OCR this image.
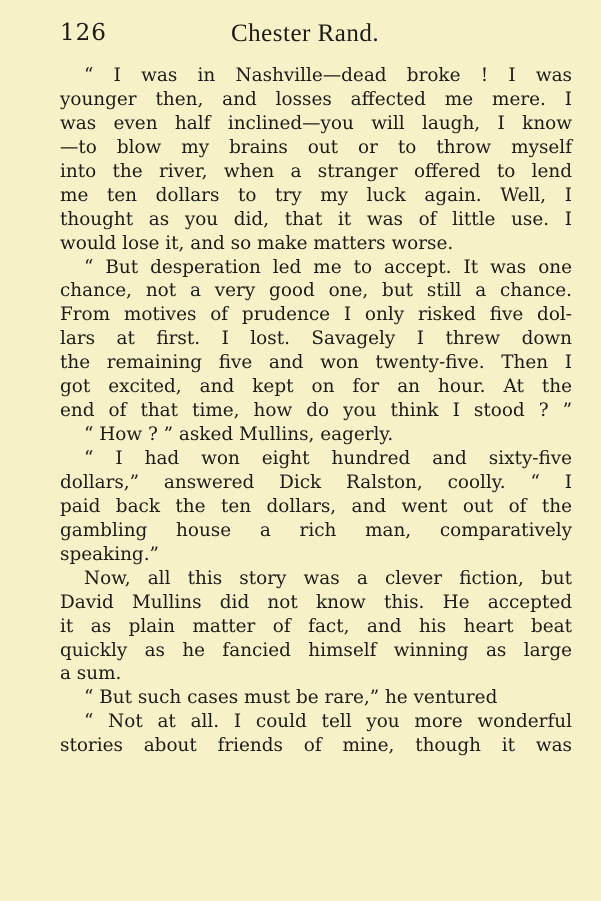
126	Chester Rand.
“ I was in Nashville—dead broke ! I was
younger then, and losses affected me mere. I
was even half inclined—you will laugh, I know
—to blow my brains out or to throw myself
into the river, when a stranger offered to lend
me ten dollars to try my luck again. Well, I
thought as you did, that it was of little use. I
would lose it, and so make matters worse.
“ But desperation led me to accept. It was one
chance, not a very good one, but still a chance.
From motives of prudence I only risked five dol-
lars at first. I lost. Savagely I threw down
the remaining five and won twenty-five. Then I
got excited, and kept on for an hour. At the
end of that time, how do you think I stood ? ”
“ How ? ” asked Mullins, eagerly.
“ I had won eight hundred and sixty-five
dollars,” answered Dick Ralston, coolly. “ I
paid back the ten dollars, and went out of the
gambling house a rich man, comparatively
speaking.”
Now, all this story was a clever fiction, but
David Mullins did not know this. He accepted
it as plain matter of fact, and his heart beat
quickly as he fancied himself winning as large
a sum.
“ But such cases must be rare,” he ventured
“ Not at all. I could tell you more wonderful
stories about friends of mine, though it was
